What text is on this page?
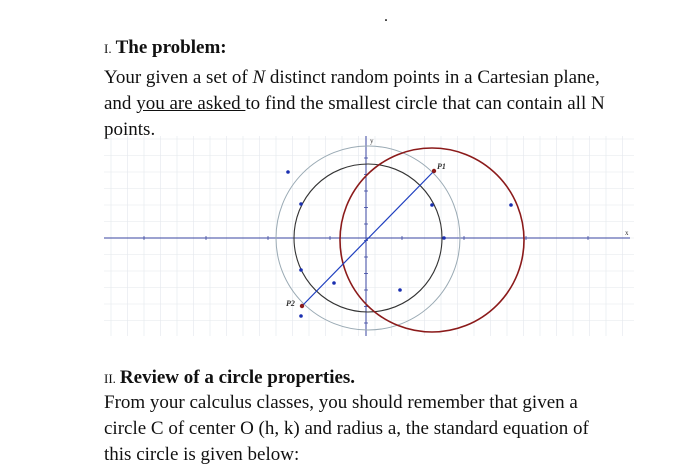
.
I. The problem:
Your given a set of N distinct random points in a Cartesian plane,
and you are asked to find the smallest circle that can contain all N
points.
y
x
P1
P2
II. Review of a circle properties.
From your calculus classes, you should remember that given a
circle C of center O (h, k) and radius a, the standard equation of
this circle is given below:
